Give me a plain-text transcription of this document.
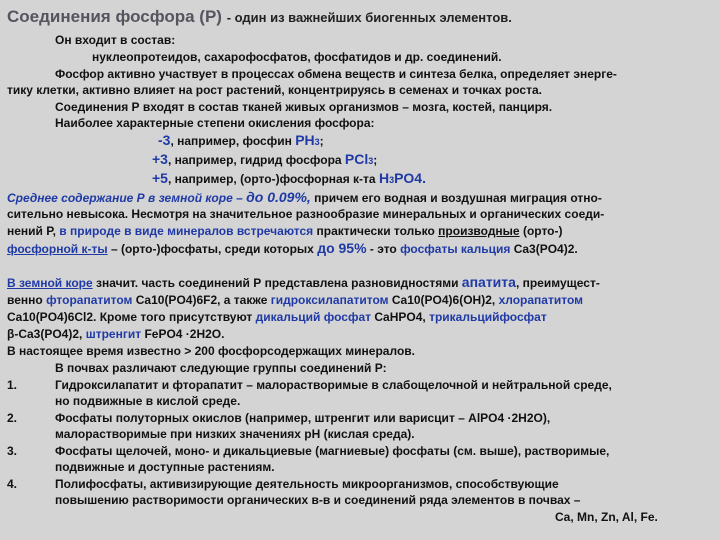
Соединения фосфора (Р) - один из важнейших биогенных элементов.
Он входит в состав:
нуклеопротеидов, сахарофосфатов, фосфатидов и др. соединений.
Фосфор активно участвует в процессах обмена веществ и синтеза белка, определяет энерге-
тику клетки, активно влияет на рост растений, концентрируясь в семенах и точках роста.
Соединения Р входят в состав тканей живых организмов – мозга, костей, панциря.
Наиболее характерные степени окисления фосфора:
-3, например, фосфин PH3;
+3, например, гидрид фосфора PCl3;
+5, например, (орто-)фосфорная к-та H3PO4.
Среднее содержание Р в земной коре – до 0.09%, причем его водная и воздушная миграция отно-
сительно невысока. Несмотря на значительное разнообразие минеральных и органических соеди-
нений Р, в природе в виде минералов встречаются практически только производные (орто-)
фосфорной к-ты – (орто-)фосфаты, среди которых до 95% - это фосфаты кальция Ca3(PO4)2.
В земной коре значит. часть соединений Р представлена разновидностями апатита, преимущест-
венно фторапатитом Ca10(PO4)6F2, а также гидроксилапатитом Ca10(PO4)6(OH)2, хлорапатитом
Ca10(PO4)6Cl2. Кроме того присутствуют дикальций фосфат CaHPO4, трикальцийфосфат
β-Ca3(PO4)2, штренгит FePO4 ·2H2O.
В настоящее время известно > 200 фосфорсодержащих минералов.
В почвах различают следующие группы соединений Р:
1.	Гидроксилапатит и фторапатит – малорастворимые в слабощелочной и нейтральной среде,
но подвижные в кислой среде.
2.	Фосфаты полуторных окислов (например, штренгит или варисцит – AlPO4 ·2H2O),
малорастворимые при низких значениях рН (кислая среда).
3.	Фосфаты щелочей, моно- и дикальциевые (магниевые) фосфаты (см. выше), растворимые,
подвижные и доступные растениям.
4.	Полифосфаты, активизирующие деятельность микроорганизмов, способствующие
повышению растворимости органических в-в и соединений ряда элементов в почвах –
Ca, Mn, Zn, Al, Fe.
